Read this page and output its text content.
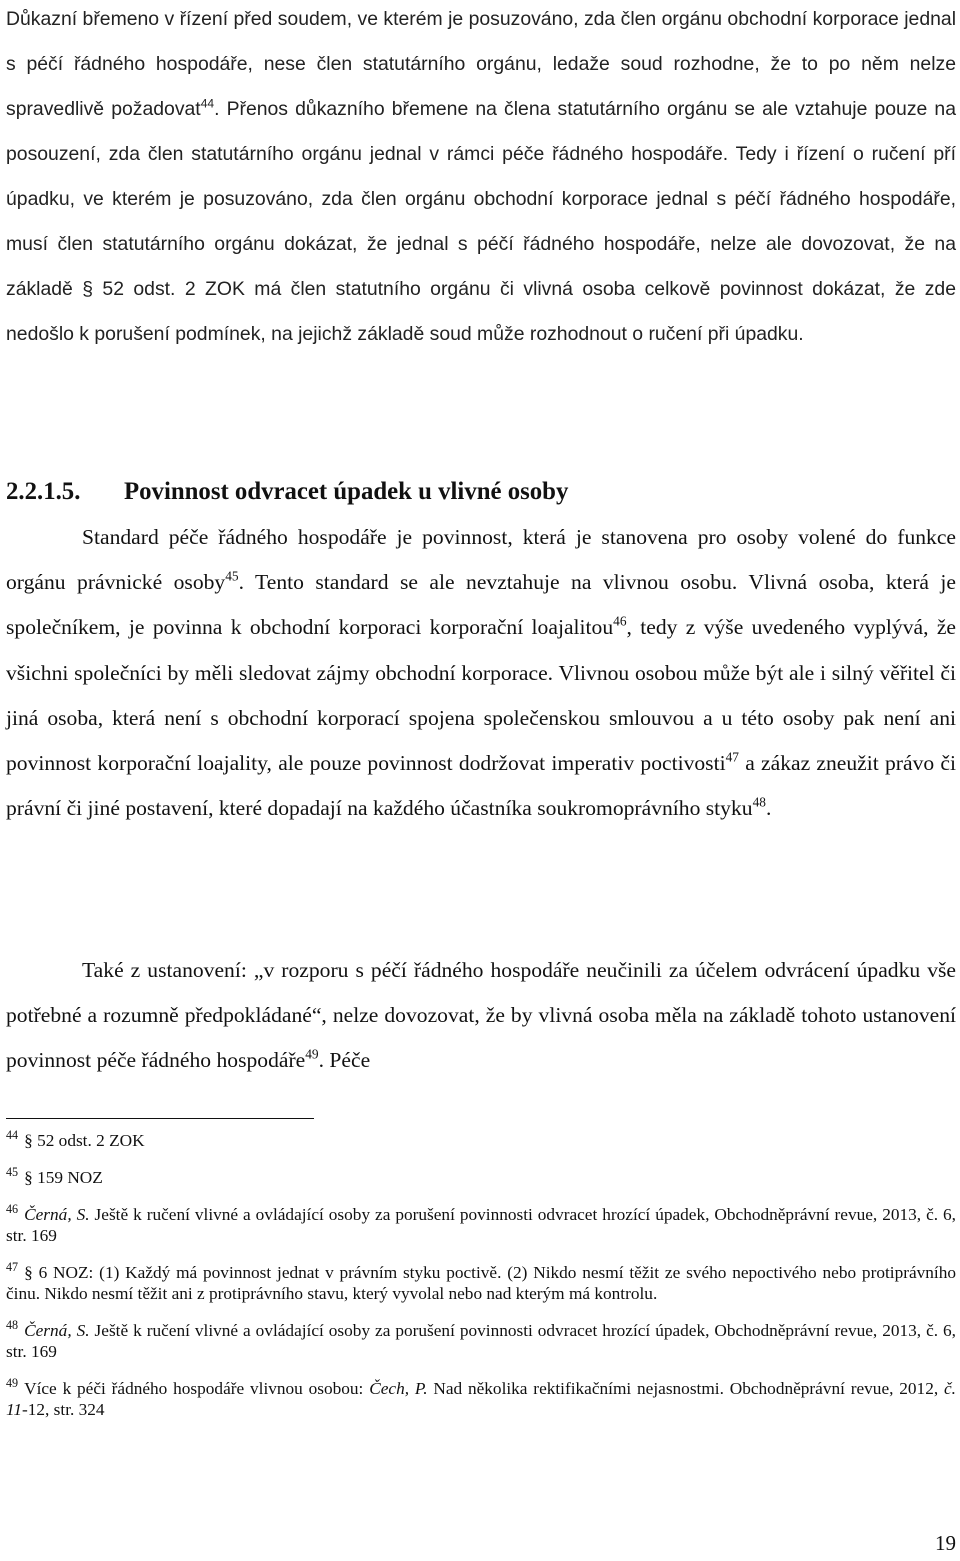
Důkazní břemeno v řízení před soudem, ve kterém je posuzováno, zda člen orgánu obchodní korporace jednal s péčí řádného hospodáře, nese člen statutárního orgánu, ledaže soud rozhodne, že to po něm nelze spravedlivě požadovat$^{44}$. Přenos důkazního břemene na člena statutárního orgánu se ale vztahuje pouze na posouzení, zda člen statutárního orgánu jednal v rámci péče řádného hospodáře. Tedy i řízení o ručení pří úpadku, ve kterém je posuzováno, zda člen orgánu obchodní korporace jednal s péčí řádného hospodáře, musí člen statutárního orgánu dokázat, že jednal s péčí řádného hospodáře, nelze ale dovozovat, že na základě § 52 odst. 2 ZOK má člen statutního orgánu či vlivná osoba celkově povinnost dokázat, že zde nedošlo k porušení podmínek, na jejichž základě soud může rozhodnout o ručení při úpadku.

2.2.1.5. Povinnost odvracet úpadek u vlivné osoby

Standard péče řádného hospodáře je povinnost, která je stanovena pro osoby volené do funkce orgánu právnické osoby$^{45}$. Tento standard se ale nevztahuje na vlivnou osobu. Vlivná osoba, která je společníkem, je povinna k obchodní korporaci korporační loajalitou$^{46}$, tedy z výše uvedeného vyplývá, že všichni společníci by měli sledovat zájmy obchodní korporace. Vlivnou osobou může být ale i silný věřitel či jiná osoba, která není s obchodní korporací spojena společenskou smlouvou a u této osoby pak není ani povinnost korporační loajality, ale pouze povinnost dodržovat imperativ poctivosti$^{47}$ a zákaz zneužit právo či právní či jiné postavení, které dopadají na každého účastníka soukromoprávního styku$^{48}$.

Také z ustanovení: „v rozporu s péčí řádného hospodáře neučinili za účelem odvrácení úpadku vše potřebné a rozumně předpokládané“, nelze dovozovat, že by vlivná osoba měla na základě tohoto ustanovení povinnost péče řádného hospodáře$^{49}$. Péče

$^{44}$ § 52 odst. 2 ZOK

$^{45}$ § 159 NOZ

$^{46}$ Černá, S. Ještě k ručení vlivné a ovládající osoby za porušení povinnosti odvracet hrozící úpadek, Obchodněprávní revue, 2013, č. 6, str. 169

$^{47}$ § 6 NOZ: (1) Každý má povinnost jednat v právním styku poctivě. (2) Nikdo nesmí těžit ze svého nepoctivého nebo protiprávního činu. Nikdo nesmí těžit ani z protiprávního stavu, který vyvolal nebo nad kterým má kontrolu.

$^{48}$ Černá, S. Ještě k ručení vlivné a ovládající osoby za porušení povinnosti odvracet hrozící úpadek, Obchodněprávní revue, 2013, č. 6, str. 169

$^{49}$ Více k péči řádného hospodáře vlivnou osobou: Čech, P. Nad několika rektifikačními nejasnostmi. Obchodněprávní revue, 2012, č. 11-12, str. 324

19
